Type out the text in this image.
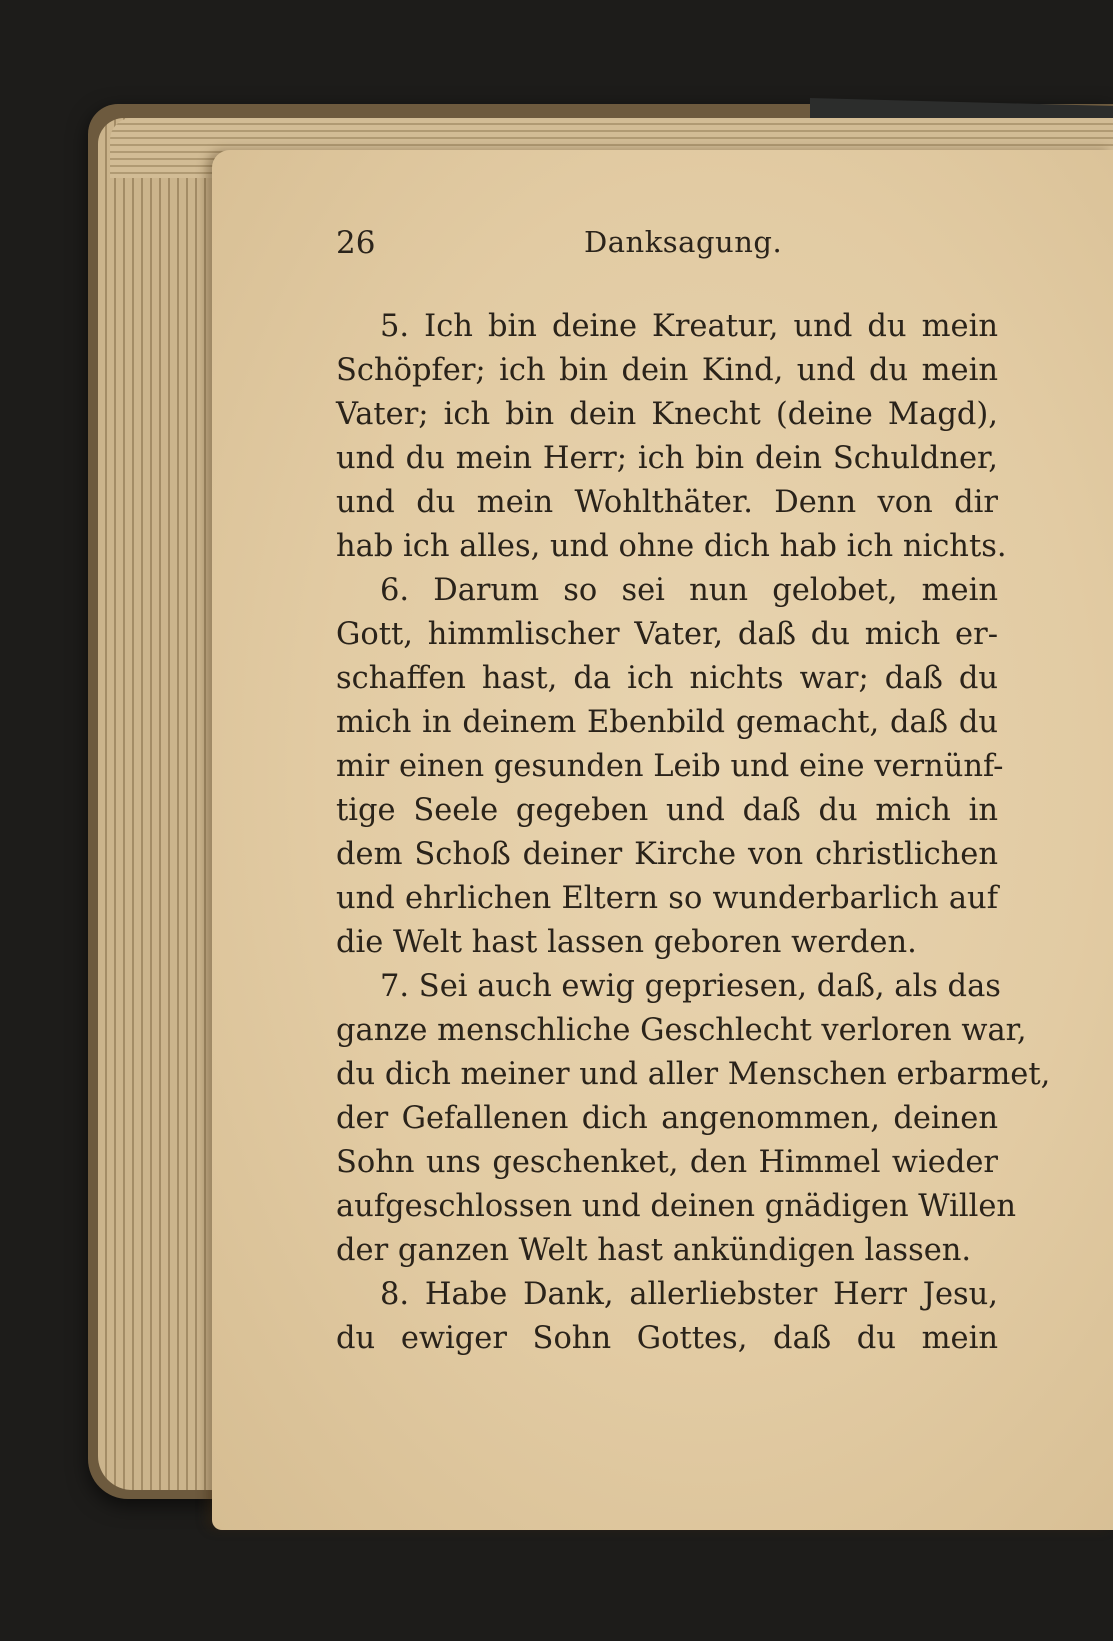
26	Danksagung.
5. Ich bin deine Kreatur, und du mein
Schöpfer; ich bin dein Kind, und du mein
Vater; ich bin dein Knecht (deine Magd),
und du mein Herr; ich bin dein Schuldner,
und du mein Wohlthäter. Denn von dir
hab ich alles, und ohne dich hab ich nichts.
6. Darum so sei nun gelobet, mein
Gott, himmlischer Vater, daß du mich er-
schaffen hast, da ich nichts war; daß du
mich in deinem Ebenbild gemacht, daß du
mir einen gesunden Leib und eine vernünf-
tige Seele gegeben und daß du mich in
dem Schoß deiner Kirche von christlichen
und ehrlichen Eltern so wunderbarlich auf
die Welt hast lassen geboren werden.
7. Sei auch ewig gepriesen, daß, als das
ganze menschliche Geschlecht verloren war,
du dich meiner und aller Menschen erbarmet,
der Gefallenen dich angenommen, deinen
Sohn uns geschenket, den Himmel wieder
aufgeschlossen und deinen gnädigen Willen
der ganzen Welt hast ankündigen lassen.
8. Habe Dank, allerliebster Herr Jesu,
du ewiger Sohn Gottes, daß du mein
